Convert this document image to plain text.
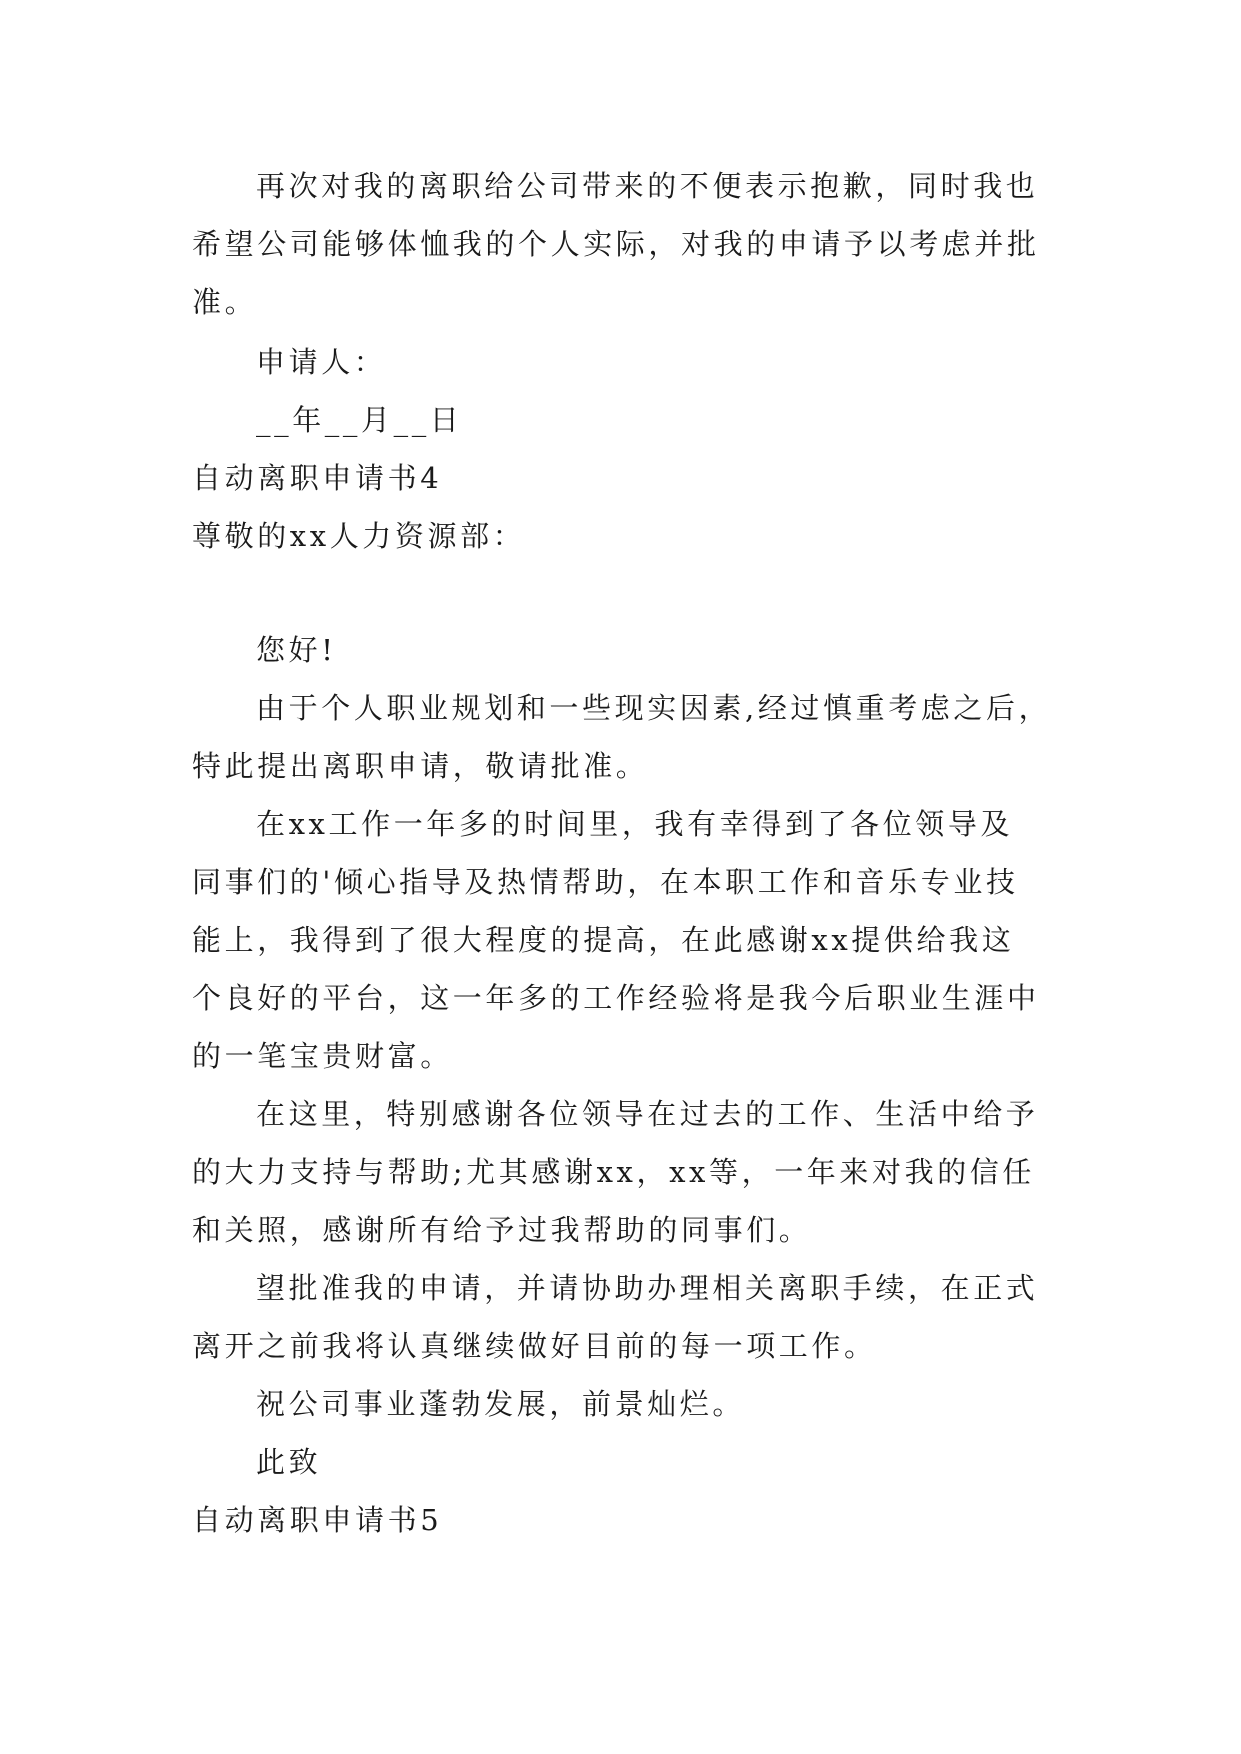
再次对我的离职给公司带来的不便表示抱歉，同时我也
希望公司能够体恤我的个人实际，对我的申请予以考虑并批
准。
申请人：
__年__月__日
自动离职申请书4
尊敬的xx人力资源部：
您好!
由于个人职业规划和一些现实因素,经过慎重考虑之后，
特此提出离职申请，敬请批准。
在xx工作一年多的时间里，我有幸得到了各位领导及
同事们的'倾心指导及热情帮助，在本职工作和音乐专业技
能上，我得到了很大程度的提高，在此感谢xx提供给我这
个良好的平台，这一年多的工作经验将是我今后职业生涯中
的一笔宝贵财富。
在这里，特别感谢各位领导在过去的工作、生活中给予
的大力支持与帮助;尤其感谢xx，xx等，一年来对我的信任
和关照，感谢所有给予过我帮助的同事们。
望批准我的申请，并请协助办理相关离职手续，在正式
离开之前我将认真继续做好目前的每一项工作。
祝公司事业蓬勃发展，前景灿烂。
此致
自动离职申请书5
